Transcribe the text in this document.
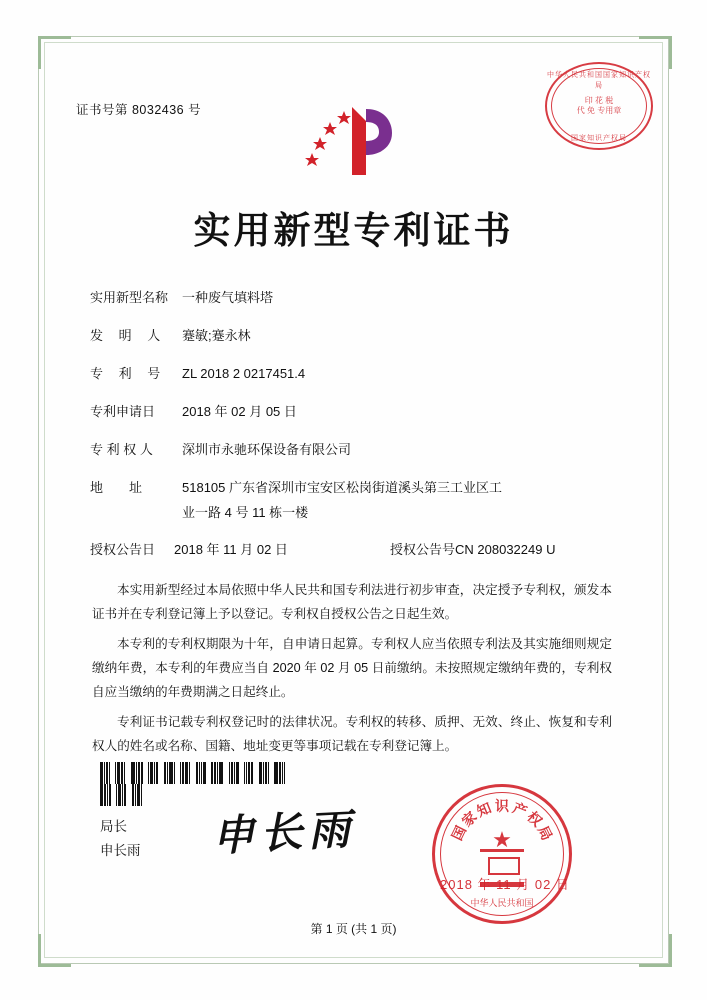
证书号第 8032436 号
中华人民共和国国家知识产权局
印 花 税
代 免 专用章
国家知识产权局
实用新型专利证书
实用新型名称	一种废气填料塔
发 明 人	蹇敏;蹇永林
专 利 号	ZL 2018 2 0217451.4
专利申请日	2018 年 02 月 05 日
专 利 权 人	深圳市永驰环保设备有限公司
地　　址	518105 广东省深圳市宝安区松岗街道溪头第三工业区工
业一路 4 号 11 栋一楼
授权公告日	2018 年 11 月 02 日	授权公告号 CN 208032249 U

本实用新型经过本局依照中华人民共和国专利法进行初步审查，决定授予专利权，颁发本证书并在专利登记簿上予以登记。专利权自授权公告之日起生效。

本专利的专利权期限为十年，自申请日起算。专利权人应当依照专利法及其实施细则规定缴纳年费，本专利的年费应当自 2020 年 02 月 05 日前缴纳。未按照规定缴纳年费的，专利权自应当缴纳的年费期满之日起终止。

专利证书记载专利权登记时的法律状况。专利权的转移、质押、无效、终止、恢复和专利权人的姓名或名称、国籍、地址变更等事项记载在专利登记簿上。

局长
申长雨 申长雨	★
国
家
知 识 产
权
局
中华人民共和国
2018 年 11 月 02 日
第 1 页 (共 1 页)
